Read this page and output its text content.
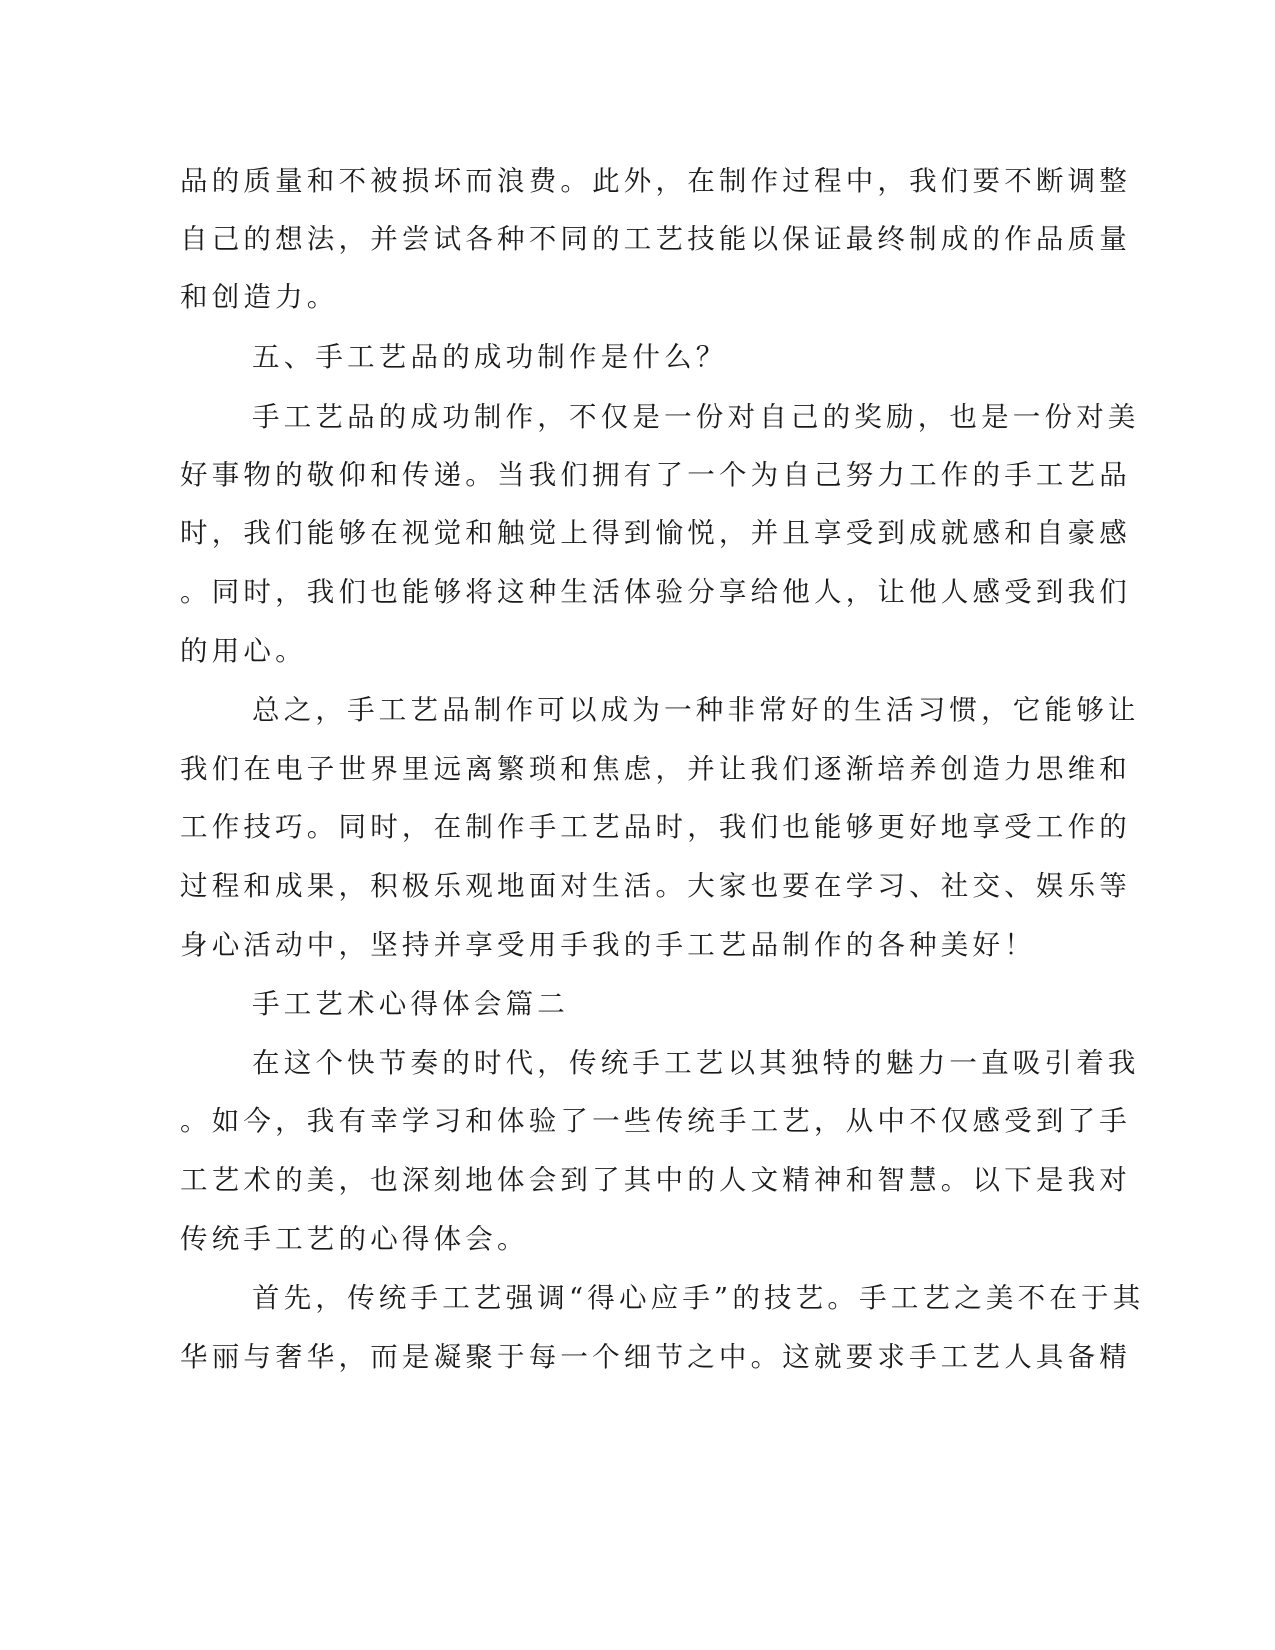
品的质量和不被损坏而浪费。此外，在制作过程中，我们要不断调整
自己的想法，并尝试各种不同的工艺技能以保证最终制成的作品质量
和创造力。
五、手工艺品的成功制作是什么？
手工艺品的成功制作，不仅是一份对自己的奖励，也是一份对美
好事物的敬仰和传递。当我们拥有了一个为自己努力工作的手工艺品
时，我们能够在视觉和触觉上得到愉悦，并且享受到成就感和自豪感
。同时，我们也能够将这种生活体验分享给他人，让他人感受到我们
的用心。
总之，手工艺品制作可以成为一种非常好的生活习惯，它能够让
我们在电子世界里远离繁琐和焦虑，并让我们逐渐培养创造力思维和
工作技巧。同时，在制作手工艺品时，我们也能够更好地享受工作的
过程和成果，积极乐观地面对生活。大家也要在学习、社交、娱乐等
身心活动中，坚持并享受用手我的手工艺品制作的各种美好！
手工艺术心得体会篇二
在这个快节奏的时代，传统手工艺以其独特的魅力一直吸引着我
。如今，我有幸学习和体验了一些传统手工艺，从中不仅感受到了手
工艺术的美，也深刻地体会到了其中的人文精神和智慧。以下是我对
传统手工艺的心得体会。
首先，传统手工艺强调“得心应手”的技艺。手工艺之美不在于其
华丽与奢华，而是凝聚于每一个细节之中。这就要求手工艺人具备精
